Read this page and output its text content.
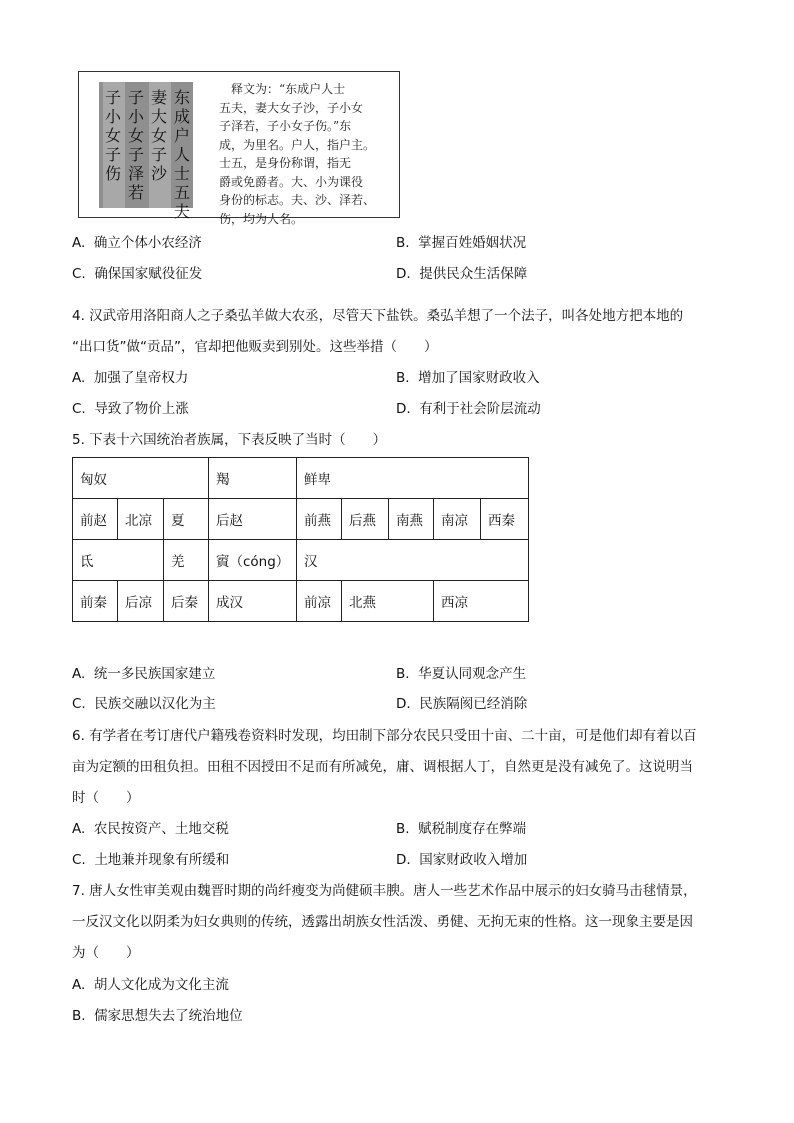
东
成
户
人
士
五
夫
妻
大
女
子
沙
子
小
女
子
泽
若
子
小
女
子
伤
释文为：“东成户人士
五夫，妻大女子沙，子小女
子泽若，子小女子伤。”东
成，为里名。户人，指户主。
士五，是身份称谓，指无
爵或免爵者。大、小为课役
身份的标志。夫、沙、泽若、
伤，均为人名。
A. 确立个体小农经济	B. 掌握百姓婚姻状况
C. 确保国家赋役征发	D. 提供民众生活保障
4. 汉武帝用洛阳商人之子桑弘羊做大农丞，尽管天下盐铁。桑弘羊想了一个法子，叫各处地方把本地的
“出口货”做“贡品”，官却把他贩卖到别处。这些举措（　　）
A. 加强了皇帝权力	B. 增加了国家财政收入
C. 导致了物价上涨	D. 有利于社会阶层流动
5. 下表十六国统治者族属，下表反映了当时（　　）
匈奴			羯	鲜卑				
前赵	北凉	夏	后赵	前燕	后燕	南燕	南凉	西秦
氐		羌	賨（cóng）	汉				
前秦	后凉	后秦	成汉	前凉	北燕		西凉	
A. 统一多民族国家建立	B. 华夏认同观念产生
C. 民族交融以汉化为主	D. 民族隔阂已经消除
6. 有学者在考订唐代户籍残卷资料时发现，均田制下部分农民只受田十亩、二十亩，可是他们却有着以百
亩为定额的田租负担。田租不因授田不足而有所减免，庸、调根据人丁，自然更是没有减免了。这说明当
时（　　）
A. 农民按资产、土地交税	B. 赋税制度存在弊端
C. 土地兼并现象有所缓和	D. 国家财政收入增加
7. 唐人女性审美观由魏晋时期的尚纤瘦变为尚健硕丰腴。唐人一些艺术作品中展示的妇女骑马击毬情景，
一反汉文化以阴柔为妇女典则的传统，透露出胡族女性活泼、勇健、无拘无束的性格。这一现象主要是因
为（　　）
A. 胡人文化成为文化主流
B. 儒家思想失去了统治地位
